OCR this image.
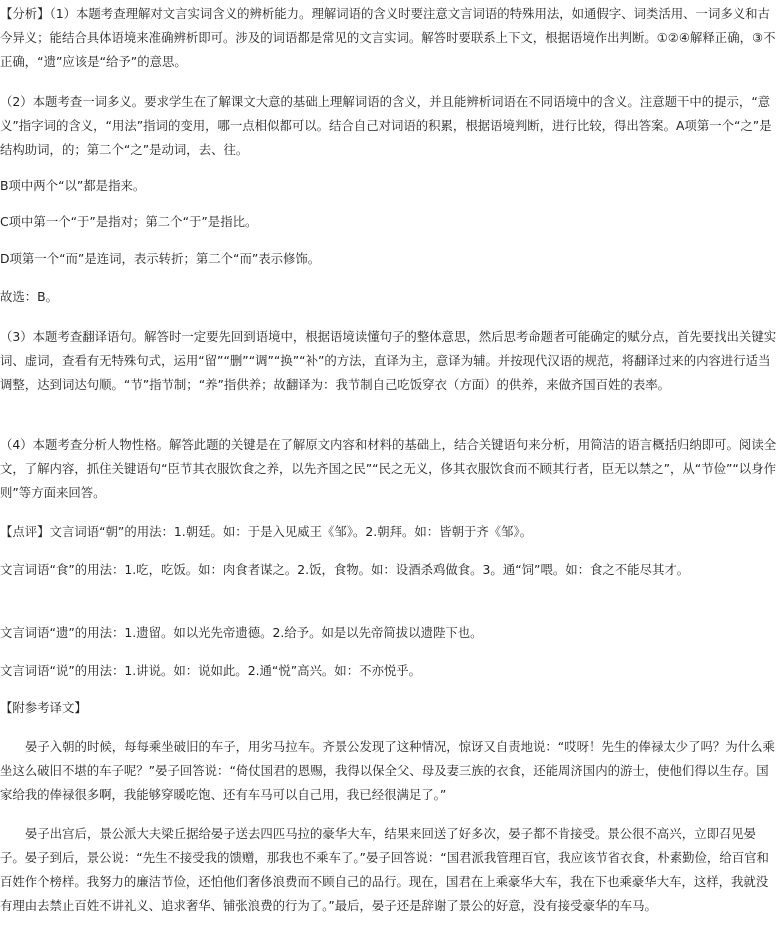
【分析】（1）本题考查理解对文言实词含义的辨析能力。理解词语的含义时要注意文言词语的特殊用法，如通假字、词类活用、一词多义和古今异义；能结合具体语境来准确辨析即可。涉及的词语都是常见的文言实词。解答时要联系上下文，根据语境作出判断。①②④解释正确，③不正确，“遗”应该是“给予”的意思。

（2）本题考查一词多义。要求学生在了解课文大意的基础上理解词语的含义，并且能辨析词语在不同语境中的含义。注意题干中的提示，“意义”指字词的含义，“用法”指词的变用，哪一点相似都可以。结合自己对词语的积累，根据语境判断，进行比较，得出答案。A项第一个“之”是结构助词，的；第二个“之”是动词，去、往。

B项中两个“以”都是指来。

C项中第一个“于”是指对；第二个“于”是指比。

D项第一个“而”是连词，表示转折；第二个“而”表示修饰。

故选：B。

（3）本题考查翻译语句。解答时一定要先回到语境中，根据语境读懂句子的整体意思，然后思考命题者可能确定的赋分点，首先要找出关键实词、虚词，查看有无特殊句式，运用“留”“删”“调”“换”“补”的方法，直译为主，意译为辅。并按现代汉语的规范，将翻译过来的内容进行适当调整，达到词达句顺。“节”指节制；“养”指供养；故翻译为：我节制自己吃饭穿衣（方面）的供养，来做齐国百姓的表率。

（4）本题考查分析人物性格。解答此题的关键是在了解原文内容和材料的基础上，结合关键语句来分析，用简洁的语言概括归纳即可。阅读全文，了解内容，抓住关键语句“臣节其衣服饮食之养，以先齐国之民”“民之无义，侈其衣服饮食而不顾其行者，臣无以禁之”，从“节俭”“以身作则”等方面来回答。

【点评】文言词语“朝”的用法：1.朝廷。如：于是入见威王《邹》。2.朝拜。如：皆朝于齐《邹》。

文言词语“食”的用法：1.吃，吃饭。如：肉食者谋之。2.饭，食物。如：设酒杀鸡做食。3。通“饲”喂。如：食之不能尽其才。

文言词语“遗”的用法：1.遗留。如以光先帝遗德。2.给予。如是以先帝简拔以遗陛下也。

文言词语“说”的用法：1.讲说。如：说如此。2.通“悦”高兴。如：不亦悦乎。

【附参考译文】

晏子入朝的时候，每每乘坐破旧的车子，用劣马拉车。齐景公发现了这种情况，惊讶又自责地说：“哎呀！先生的俸禄太少了吗？为什么乘坐这么破旧不堪的车子呢？”晏子回答说：“倚仗国君的恩赐，我得以保全父、母及妻三族的衣食，还能周济国内的游士，使他们得以生存。国家给我的俸禄很多啊，我能够穿暖吃饱、还有车马可以自己用，我已经很满足了。”

晏子出宫后，景公派大夫梁丘据给晏子送去四匹马拉的豪华大车，结果来回送了好多次，晏子都不肯接受。景公很不高兴，立即召见晏子。晏子到后，景公说：“先生不接受我的馈赠，那我也不乘车了。”晏子回答说：“国君派我管理百官，我应该节省衣食，朴素勤俭，给百官和百姓作个榜样。我努力的廉洁节俭，还怕他们奢侈浪费而不顾自己的品行。现在，国君在上乘豪华大车，我在下也乘豪华大车，这样，我就没有理由去禁止百姓不讲礼义、追求奢华、铺张浪费的行为了。”最后，晏子还是辞谢了景公的好意，没有接受豪华的车马。
